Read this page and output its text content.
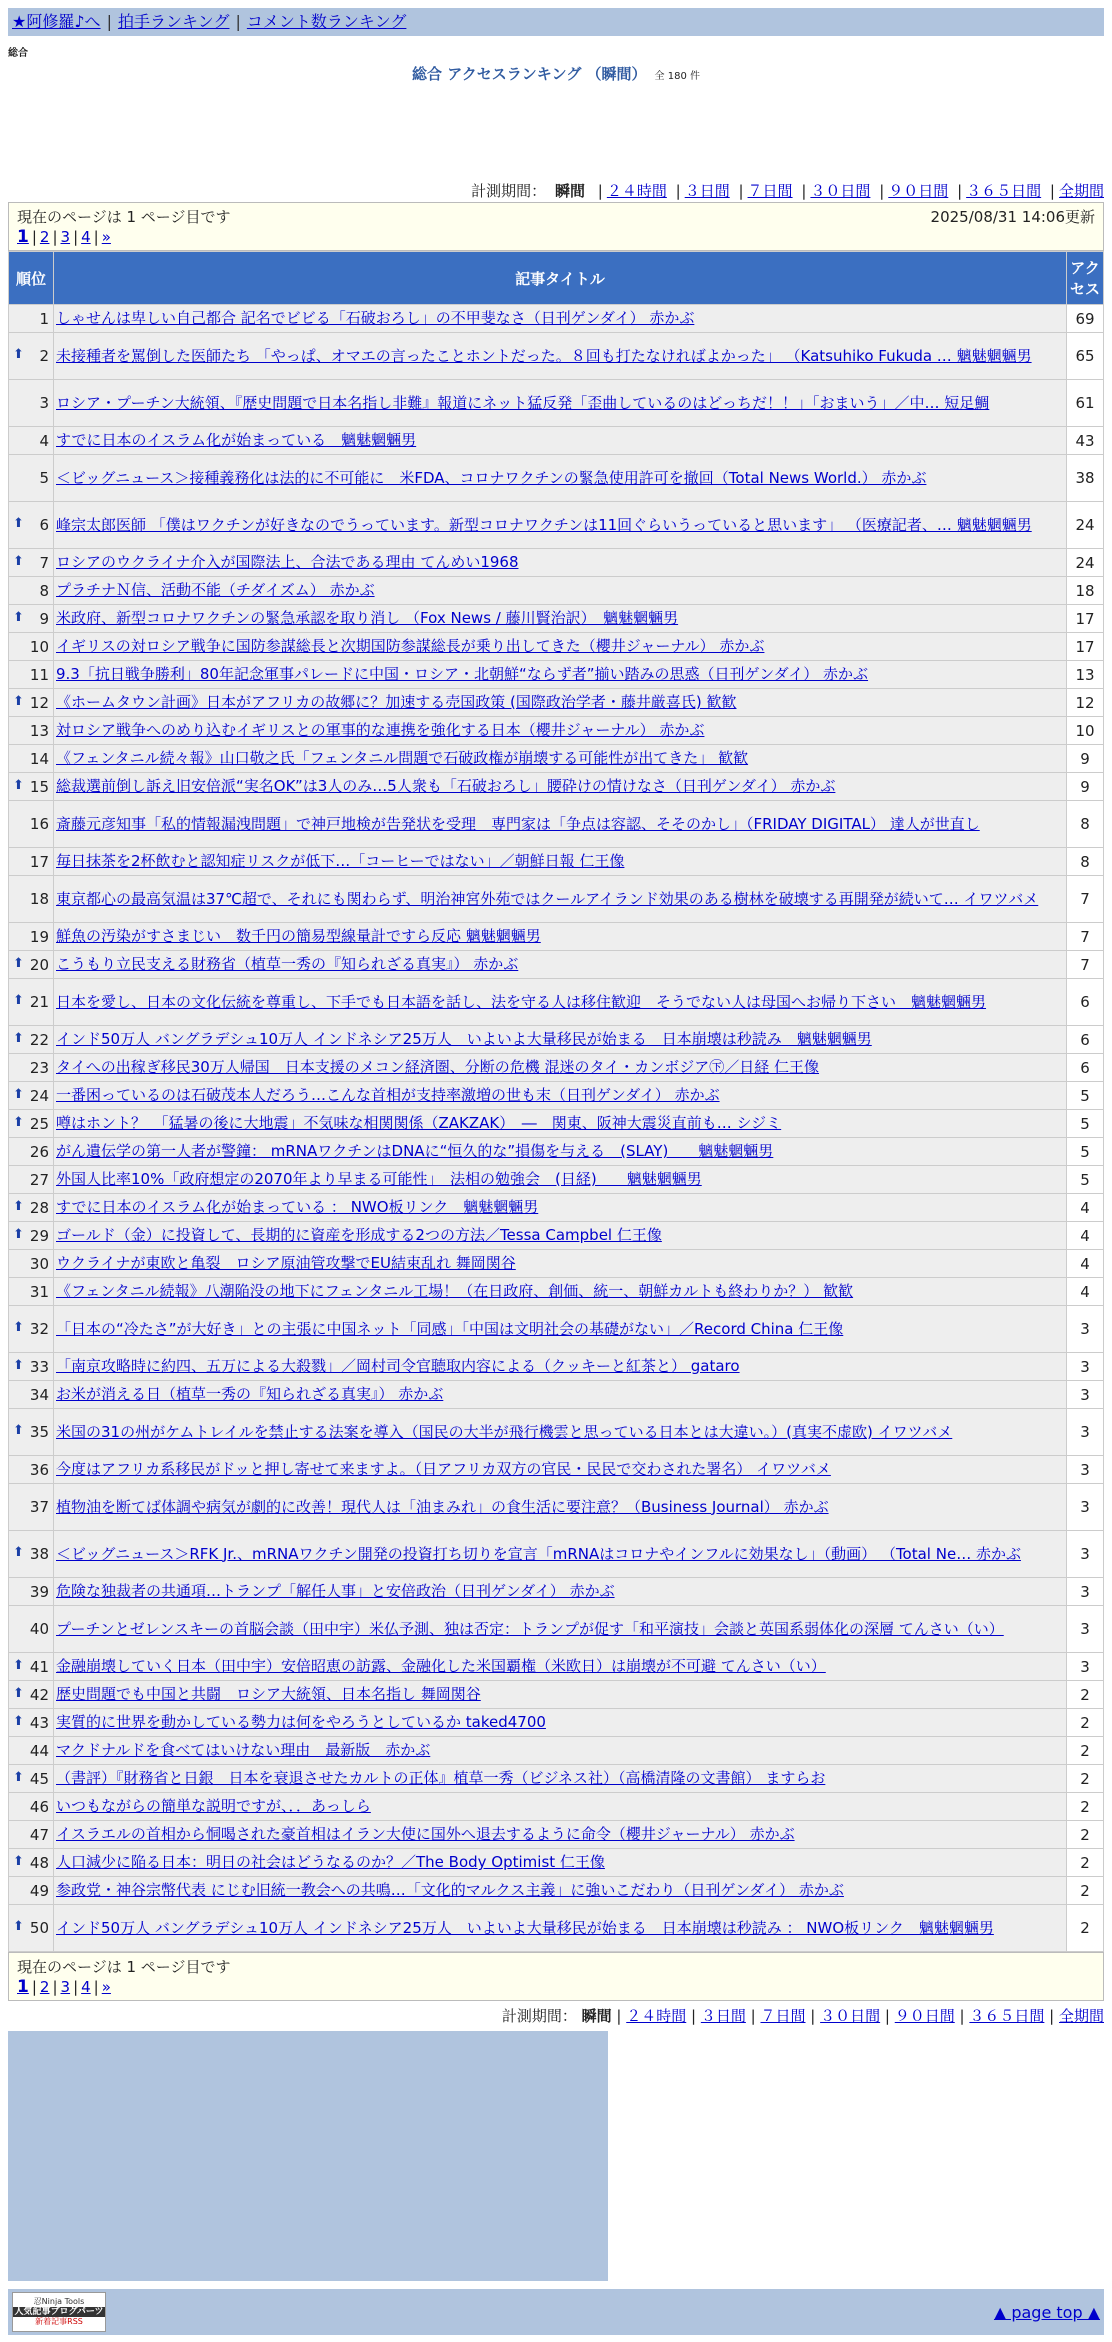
★阿修羅♪へ | 拍手ランキング | コメント数ランキング
総合
総合 アクセスランキング （瞬間） 全 180 件
計測期間： 瞬間 | ２４時間 | ３日間 | ７日間 | ３０日間 | ９０日間 | ３６５日間 | 全期間
現在のページは 1 ページ目です	2025/08/31 14:06更新
1 | 2 | 3 | 4 | »
順位	記事タイトル	アクセス
1	しゃせんは卑しい自己都合 記名でビビる「石破おろし」の不甲斐なさ（日刊ゲンダイ） 赤かぶ	69

⬆ 2	未接種者を罵倒した医師たち 「やっぱ、オマエの言ったことホントだった。８回も打たなければよかった」 （Katsuhiko Fukuda … 魑魅魍魎男	65
3	ロシア・プーチン大統領、『歴史問題で日本名指し非難』報道にネット猛反発「歪曲しているのはどっちだ！！」「おまいう」／中… 短足鯛	61
4	すでに日本のイスラム化が始まっている　魑魅魍魎男	43
5	＜ビッグニュース＞接種義務化は法的に不可能に　米FDA、コロナワクチンの緊急使用許可を撤回（Total News World.） 赤かぶ	38

⬆ 6	峰宗太郎医師 「僕はワクチンが好きなのでうっています。新型コロナワクチンは11回ぐらいうっていると思います」 （医療記者、… 魑魅魍魎男	24

⬆ 7	ロシアのウクライナ介入が国際法上、合法である理由 てんめい1968	24
8	プラチナＮ信、活動不能（チダイズム） 赤かぶ	18

⬆ 9	米政府、新型コロナワクチンの緊急承認を取り消し （Fox News / 藤川賢治訳）　魑魅魍魎男	17
10	イギリスの対ロシア戦争に国防参謀総長と次期国防参謀総長が乗り出してきた（櫻井ジャーナル） 赤かぶ	17
11	9.3「抗日戦争勝利」80年記念軍事パレードに中国・ロシア・北朝鮮“ならず者”揃い踏みの思惑（日刊ゲンダイ） 赤かぶ	13

⬆ 12	《ホームタウン計画》日本がアフリカの故郷に？加速する売国政策 (国際政治学者・藤井厳喜氏) 歓歓	12
13	対ロシア戦争へのめり込むイギリスとの軍事的な連携を強化する日本（櫻井ジャーナル） 赤かぶ	10
14	《フェンタニル続々報》山口敬之氏「フェンタニル問題で石破政権が崩壊する可能性が出てきた」 歓歓	9

⬆ 15	総裁選前倒し訴え旧安倍派“実名OK”は3人のみ…5人衆も「石破おろし」腰砕けの情けなさ（日刊ゲンダイ） 赤かぶ	9
16	斎藤元彦知事「私的情報漏洩問題」で神戸地検が告発状を受理　専門家は「争点は容認、そそのかし」（FRIDAY DIGITAL） 達人が世直し	8
17	毎日抹茶を2杯飲むと認知症リスクが低下…「コーヒーではない」／朝鮮日報 仁王像	8
18	東京都心の最高気温は37℃超で、それにも関わらず、明治神宮外苑ではクールアイランド効果のある樹林を破壊する再開発が続いて… イワツバメ	7
19	鮮魚の汚染がすさまじい　数千円の簡易型線量計ですら反応 魑魅魍魎男	7

⬆ 20	こうもり立民支える財務省（植草一秀の『知られざる真実』） 赤かぶ	7

⬆ 21	日本を愛し、日本の文化伝統を尊重し、下手でも日本語を話し、法を守る人は移住歓迎　そうでない人は母国へお帰り下さい　魑魅魍魎男	6

⬆ 22	インド50万人 バングラデシュ10万人 インドネシア25万人　いよいよ大量移民が始まる　日本崩壊は秒読み　魑魅魍魎男	6
23	タイへの出稼ぎ移民30万人帰国　日本支援のメコン経済圏、分断の危機 混迷のタイ・カンボジア㊦／日経 仁王像	6

⬆ 24	一番困っているのは石破茂本人だろう…こんな首相が支持率激増の世も末（日刊ゲンダイ） 赤かぶ	5

⬆ 25	噂はホント？　「猛暑の後に大地震」不気味な相関関係（ZAKZAK）　―　関東、阪神大震災直前も… シジミ	5
26	がん遺伝学の第一人者が警鐘： mRNAワクチンはDNAに“恒久的な”損傷を与える　(SLAY)　　魑魅魍魎男	5
27	外国人比率10%「政府想定の2070年より早まる可能性」　法相の勉強会　(日経)　　魑魅魍魎男	5

⬆ 28	すでに日本のイスラム化が始まっている ： NWO板リンク　魑魅魍魎男	4

⬆ 29	ゴールド（金）に投資して、長期的に資産を形成する2つの方法／Tessa Campbel 仁王像	4
30	ウクライナが東欧と亀裂　ロシア原油管攻撃でEU結束乱れ 舞岡関谷	4
31	《フェンタニル続報》八潮陥没の地下にフェンタニル工場！（在日政府、創価、統一、朝鮮カルトも終わりか？） 歓歓	4

⬆ 32	「日本の“冷たさ”が大好き」との主張に中国ネット「同感」「中国は文明社会の基礎がない」／Record China 仁王像	3

⬆ 33	「南京攻略時に約四、五万による大殺戮」／岡村司令官聴取内容による（クッキーと紅茶と） gataro	3
34	お米が消える日（植草一秀の『知られざる真実』） 赤かぶ	3

⬆ 35	米国の31の州がケムトレイルを禁止する法案を導入（国民の大半が飛行機雲と思っている日本とは大違い。）(真実不虚欧) イワツバメ	3
36	今度はアフリカ系移民がドッと押し寄せて来ますよ。（日アフリカ双方の官民・民民で交わされた署名） イワツバメ	3
37	植物油を断てば体調や病気が劇的に改善！現代人は「油まみれ」の食生活に要注意？（Business Journal） 赤かぶ	3

⬆ 38	＜ビッグニュース＞RFK Jr.、mRNAワクチン開発の投資打ち切りを宣言「mRNAはコロナやインフルに効果なし」（動画） （Total Ne… 赤かぶ	3
39	危険な独裁者の共通項…トランプ「解任人事」と安倍政治（日刊ゲンダイ） 赤かぶ	3
40	プーチンとゼレンスキーの首脳会談（田中宇）米仏予測、独は否定：トランプが促す「和平演技」会談と英国系弱体化の深層 てんさい（い）	3

⬆ 41	金融崩壊していく日本（田中宇）安倍昭恵の訪露、金融化した米国覇権（米欧日）は崩壊が不可避 てんさい（い）	3

⬆ 42	歴史問題でも中国と共闘　ロシア大統領、日本名指し 舞岡関谷	2

⬆ 43	実質的に世界を動かしている勢力は何をやろうとしているか taked4700	2
44	マクドナルドを食べてはいけない理由　最新版　赤かぶ	2

⬆ 45	（書評）『財務省と日銀　日本を衰退させたカルトの正体』植草一秀（ビジネス社）（高橋清隆の文書館） ますらお	2
46	いつもながらの簡単な説明ですが、．．あっしら	2
47	イスラエルの首相から恫喝された豪首相はイラン大使に国外へ退去するように命令（櫻井ジャーナル） 赤かぶ	2

⬆ 48	人口減少に陥る日本：明日の社会はどうなるのか？／The Body Optimist 仁王像	2
49	参政党・神谷宗幣代表 にじむ旧統一教会への共鳴…「文化的マルクス主義」に強いこだわり（日刊ゲンダイ） 赤かぶ	2

⬆ 50	インド50万人 バングラデシュ10万人 インドネシア25万人　いよいよ大量移民が始まる　日本崩壊は秒読み ： NWO板リンク　魑魅魍魎男	2
現在のページは 1 ページ目です
1 | 2 | 3 | 4 | »
計測期間： 瞬間 | ２４時間 | ３日間 | ７日間 | ３０日間 | ９０日間 | ３６５日間 | 全期間
忍Ninja Tools
人気記事ブログパーツ
新着記事RSS	▲ page top ▲
